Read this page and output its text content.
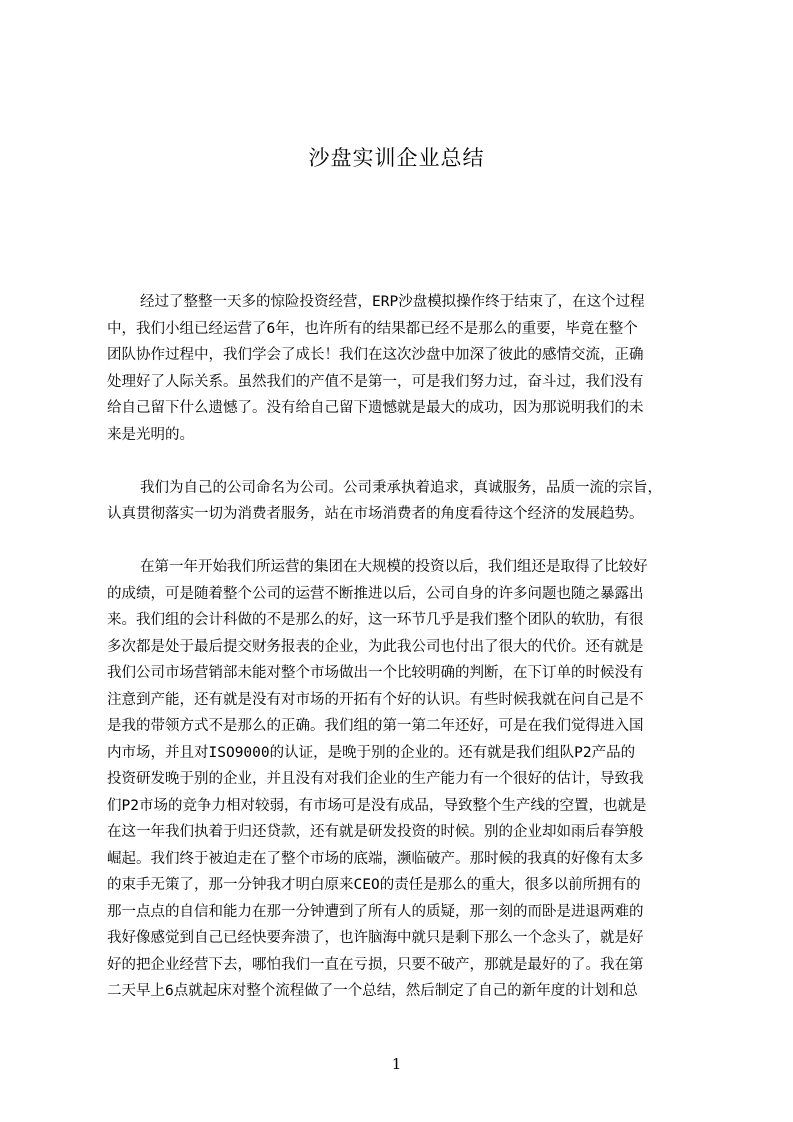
沙盘实训企业总结
经过了整整一天多的惊险投资经营，ERP沙盘模拟操作终于结束了，在这个过程
中，我们小组已经运营了6年，也许所有的结果都已经不是那么的重要，毕竟在整个
团队协作过程中，我们学会了成长！我们在这次沙盘中加深了彼此的感情交流，正确
处理好了人际关系。虽然我们的产值不是第一，可是我们努力过，奋斗过，我们没有
给自己留下什么遗憾了。没有给自己留下遗憾就是最大的成功，因为那说明我们的未
来是光明的。
我们为自己的公司命名为公司。公司秉承执着追求，真诚服务，品质一流的宗旨，
认真贯彻落实一切为消费者服务，站在市场消费者的角度看待这个经济的发展趋势。
在第一年开始我们所运营的集团在大规模的投资以后，我们组还是取得了比较好
的成绩，可是随着整个公司的运营不断推进以后，公司自身的许多问题也随之暴露出
来。我们组的会计科做的不是那么的好，这一环节几乎是我们整个团队的软肋，有很
多次都是处于最后提交财务报表的企业，为此我公司也付出了很大的代价。还有就是
我们公司市场营销部未能对整个市场做出一个比较明确的判断，在下订单的时候没有
注意到产能，还有就是没有对市场的开拓有个好的认识。有些时候我就在问自己是不
是我的带领方式不是那么的正确。我们组的第一第二年还好，可是在我们觉得进入国
内市场，并且对ISO9000的认证，是晚于别的企业的。还有就是我们组队P2产品的
投资研发晚于别的企业，并且没有对我们企业的生产能力有一个很好的估计，导致我
们P2市场的竞争力相对较弱，有市场可是没有成品，导致整个生产线的空置，也就是
在这一年我们执着于归还贷款，还有就是研发投资的时候。别的企业却如雨后春笋般
崛起。我们终于被迫走在了整个市场的底端，濒临破产。那时候的我真的好像有太多
的束手无策了，那一分钟我才明白原来CEO的责任是那么的重大，很多以前所拥有的
那一点点的自信和能力在那一分钟遭到了所有人的质疑，那一刻的而卧是进退两难的
我好像感觉到自己已经快要奔溃了，也许脑海中就只是剩下那么一个念头了，就是好
好的把企业经营下去，哪怕我们一直在亏损，只要不破产，那就是最好的了。我在第
二天早上6点就起床对整个流程做了一个总结，然后制定了自己的新年度的计划和总
1
